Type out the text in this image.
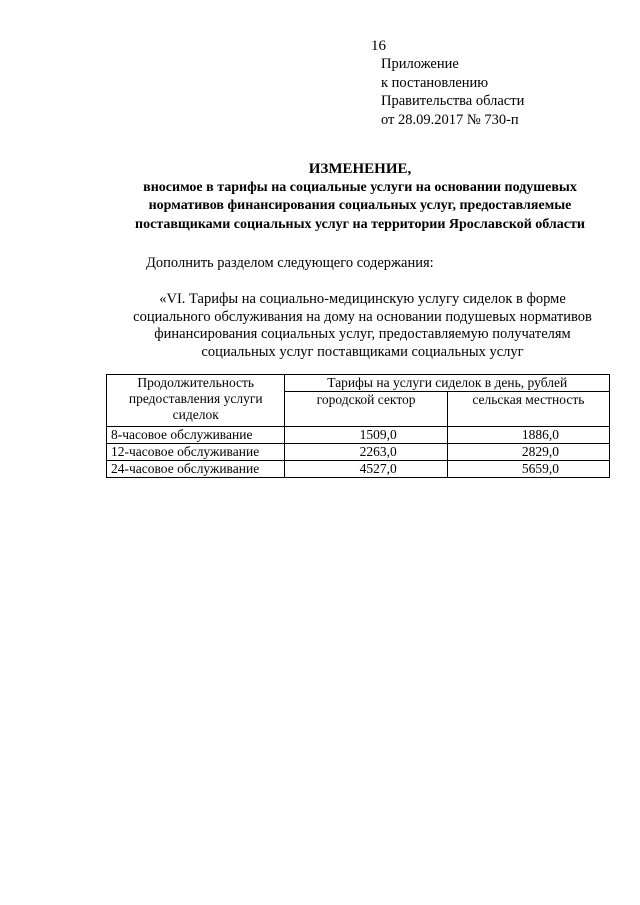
16
Приложение
к постановлению
Правительства области
от 28.09.2017 № 730-п
ИЗМЕНЕНИЕ,
вносимое в тарифы на социальные услуги на основании подушевых
нормативов финансирования социальных услуг, предоставляемые
поставщиками социальных услуг на территории Ярославской области
Дополнить разделом следующего содержания:
«VI. Тарифы на социально-медицинскую услугу сиделок в форме
социального обслуживания на дому на основании подушевых нормативов
финансирования социальных услуг, предоставляемую получателям
социальных услуг поставщиками социальных услуг
Продолжительность предоставления услуги сиделок	Тарифы на услуги сиделок в день, рублей	
	городской сектор	сельская местность
8-часовое обслуживание	1509,0	1886,0
12-часовое обслуживание	2263,0	2829,0
24-часовое обслуживание	4527,0	5659,0
